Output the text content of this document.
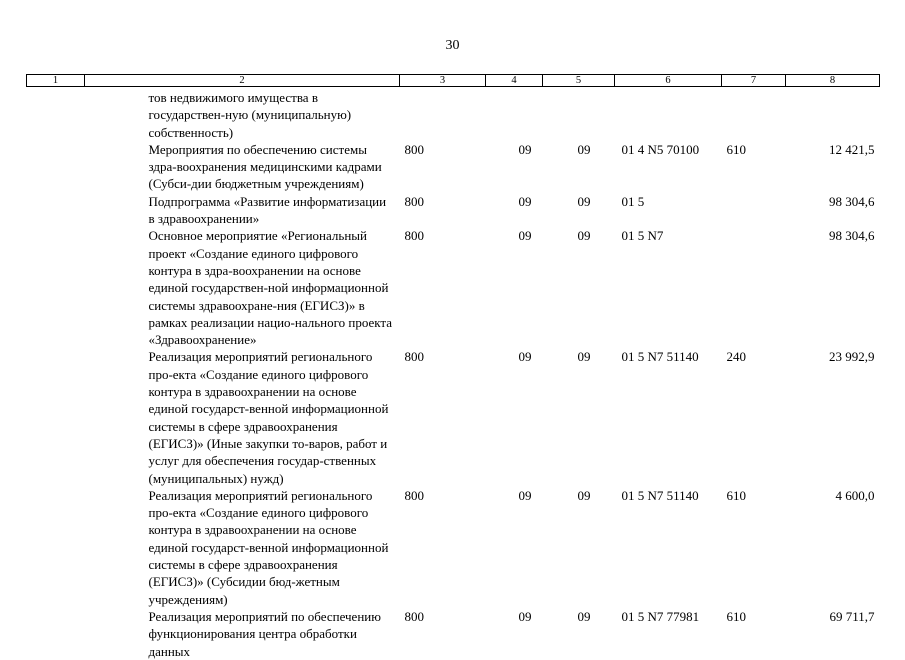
30
1	2	3	4	5	6	7	8
	тов недвижимого имущества в государствен-ную (муниципальную) собственность)						
	Мероприятия по обеспечению системы здра-воохранения медицинскими кадрами (Субси-дии бюджетным учреждениям)	800	09	09	01 4 N5 70100	610	12 421,5
	Подпрограмма «Развитие информатизации в здравоохранении»	800	09	09	01 5		98 304,6
	Основное мероприятие «Региональный проект «Создание единого цифрового контура в здра-воохранении на основе единой государствен-ной информационной системы здравоохране-ния (ЕГИСЗ)» в рамках реализации нацио-нального проекта «Здравоохранение»	800	09	09	01 5 N7		98 304,6
	Реализация мероприятий регионального про-екта «Создание единого цифрового контура в здравоохранении на основе единой государст-венной информационной системы в сфере здравоохранения (ЕГИСЗ)» (Иные закупки то-варов, работ и услуг для обеспечения государ-ственных (муниципальных) нужд)	800	09	09	01 5 N7 51140	240	23 992,9
	Реализация мероприятий регионального про-екта «Создание единого цифрового контура в здравоохранении на основе единой государст-венной информационной системы в сфере здравоохранения (ЕГИСЗ)» (Субсидии бюд-жетным учреждениям)	800	09	09	01 5 N7 51140	610	4 600,0
	Реализация мероприятий по обеспечению функционирования центра обработки данных	800	09	09	01 5 N7 77981	610	69 711,7
